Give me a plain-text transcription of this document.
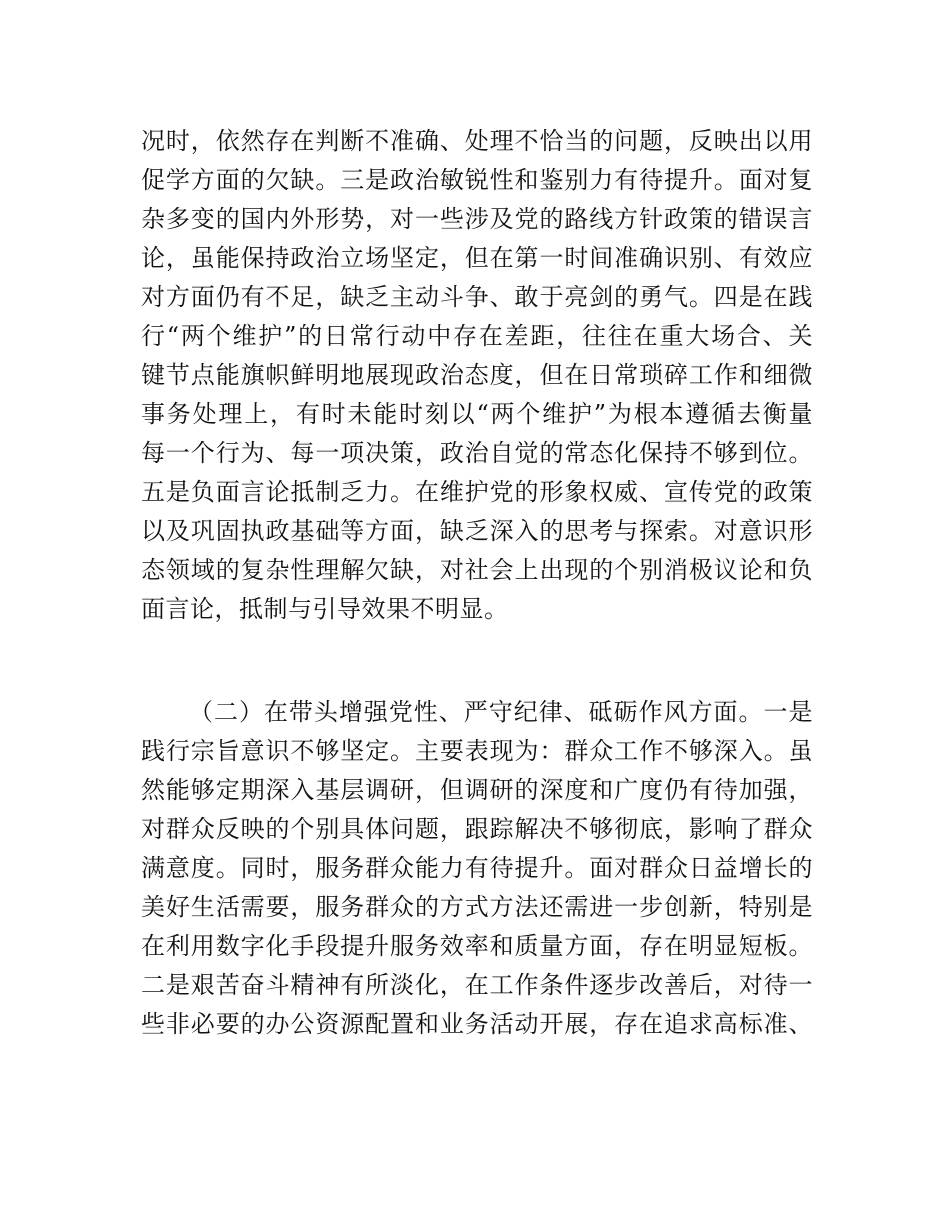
况时，依然存在判断不准确、处理不恰当的问题，反映出以用
促学方面的欠缺。三是政治敏锐性和鉴别力有待提升。面对复
杂多变的国内外形势，对一些涉及党的路线方针政策的错误言
论，虽能保持政治立场坚定，但在第一时间准确识别、有效应
对方面仍有不足，缺乏主动斗争、敢于亮剑的勇气。四是在践
行“两个维护”的日常行动中存在差距，往往在重大场合、关
键节点能旗帜鲜明地展现政治态度，但在日常琐碎工作和细微
事务处理上，有时未能时刻以“两个维护”为根本遵循去衡量
每一个行为、每一项决策，政治自觉的常态化保持不够到位。
五是负面言论抵制乏力。在维护党的形象权威、宣传党的政策
以及巩固执政基础等方面，缺乏深入的思考与探索。对意识形
态领域的复杂性理解欠缺，对社会上出现的个别消极议论和负
面言论，抵制与引导效果不明显。
（二）在带头增强党性、严守纪律、砥砺作风方面。一是
践行宗旨意识不够坚定。主要表现为：群众工作不够深入。虽
然能够定期深入基层调研，但调研的深度和广度仍有待加强，
对群众反映的个别具体问题，跟踪解决不够彻底，影响了群众
满意度。同时，服务群众能力有待提升。面对群众日益增长的
美好生活需要，服务群众的方式方法还需进一步创新，特别是
在利用数字化手段提升服务效率和质量方面，存在明显短板。
二是艰苦奋斗精神有所淡化，在工作条件逐步改善后，对待一
些非必要的办公资源配置和业务活动开展，存在追求高标准、
